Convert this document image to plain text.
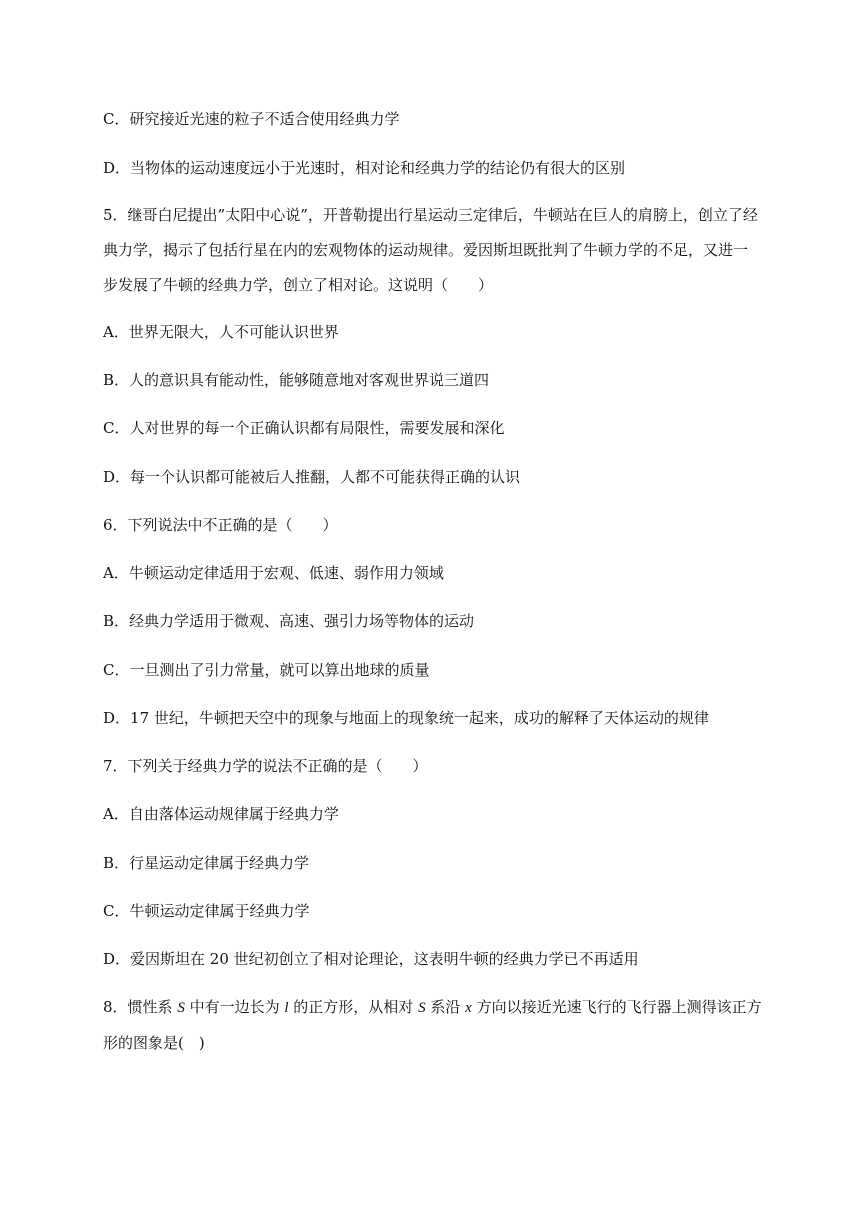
C．研究接近光速的粒子不适合使用经典力学
D．当物体的运动速度远小于光速时，相对论和经典力学的结论仍有很大的区别

5．继哥白尼提出”太阳中心说”，开普勒提出行星运动三定律后，牛顿站在巨人的肩膀上，创立了经

典力学，揭示了包括行星在内的宏观物体的运动规律。爱因斯坦既批判了牛顿力学的不足，又进一

步发展了牛顿的经典力学，创立了相对论。这说明（　　）

A．世界无限大，人不可能认识世界
B．人的意识具有能动性，能够随意地对客观世界说三道四
C．人对世界的每一个正确认识都有局限性，需要发展和深化
D．每一个认识都可能被后人推翻，人都不可能获得正确的认识
6．下列说法中不正确的是（　　）
A．牛顿运动定律适用于宏观、低速、弱作用力领域
B．经典力学适用于微观、高速、强引力场等物体的运动
C．一旦测出了引力常量，就可以算出地球的质量
D．17 世纪，牛顿把天空中的现象与地面上的现象统一起来，成功的解释了天体运动的规律
7．下列关于经典力学的说法不正确的是（　　）
A．自由落体运动规律属于经典力学
B．行星运动定律属于经典力学
C．牛顿运动定律属于经典力学
D．爱因斯坦在 20 世纪初创立了相对论理论，这表明牛顿的经典力学已不再适用

8．惯性系 S 中有一边长为 l 的正方形，从相对 S 系沿 x 方向以接近光速飞行的飞行器上测得该正方

形的图象是(　)
